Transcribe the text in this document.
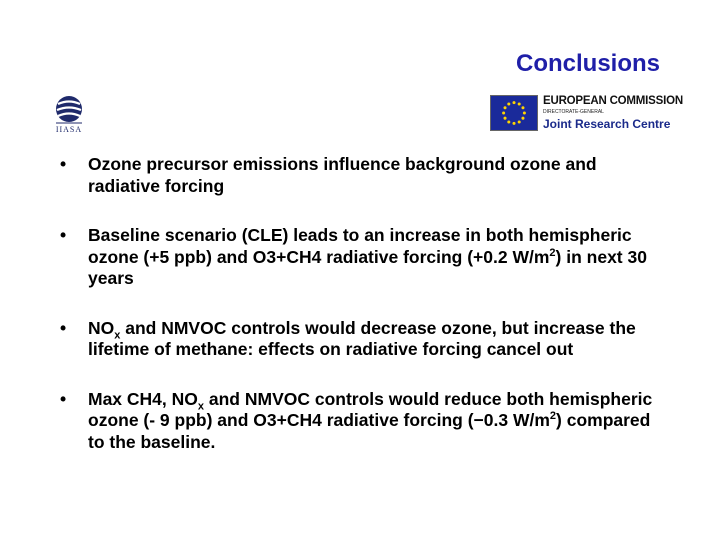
Conclusions
IIASA
EUROPEAN COMMISSION
DIRECTORATE-GENERAL
Joint Research Centre
• Ozone precursor emissions influence background ozone and radiative forcing
• Baseline scenario (CLE) leads to an increase in both hemispheric ozone (+5 ppb) and O3+CH4 radiative forcing (+0.2 $W/m^2$) in next 30 years
• $NO_x$ and NMVOC controls would decrease ozone, but increase the lifetime of methane: effects on radiative forcing cancel out
• Max CH4, $NO_x$ and NMVOC controls would reduce both hemispheric ozone (- 9 ppb) and O3+CH4 radiative forcing (−0.3 $W/m^2$) compared to the baseline.
